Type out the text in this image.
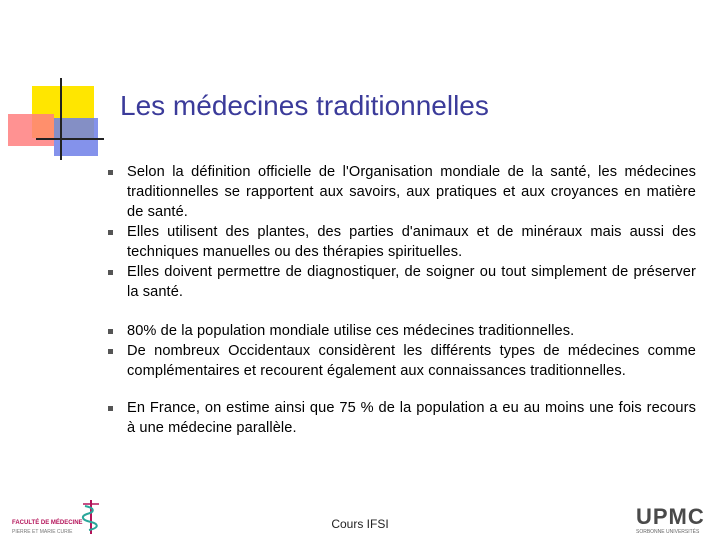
Les médecines traditionnelles
Selon la définition officielle de l'Organisation mondiale de la santé, les médecines traditionnelles se rapportent aux savoirs, aux pratiques et aux croyances en matière de santé.
Elles utilisent des plantes, des parties d'animaux et de minéraux mais aussi des techniques manuelles ou des thérapies spirituelles.
Elles doivent permettre de diagnostiquer, de soigner ou tout simplement de préserver la santé.
80% de la population mondiale utilise ces médecines traditionnelles.
De nombreux Occidentaux considèrent les différents types de médecines comme complémentaires et recourent également aux connaissances traditionnelles.
En France, on estime ainsi que 75 % de la population a eu au moins une fois recours à une médecine parallèle.
Cours IFSI
FACULTÉ DE MÉDECINE
PIERRE ET MARIE CURIE
UPMC
SORBONNE UNIVERSITÉS
